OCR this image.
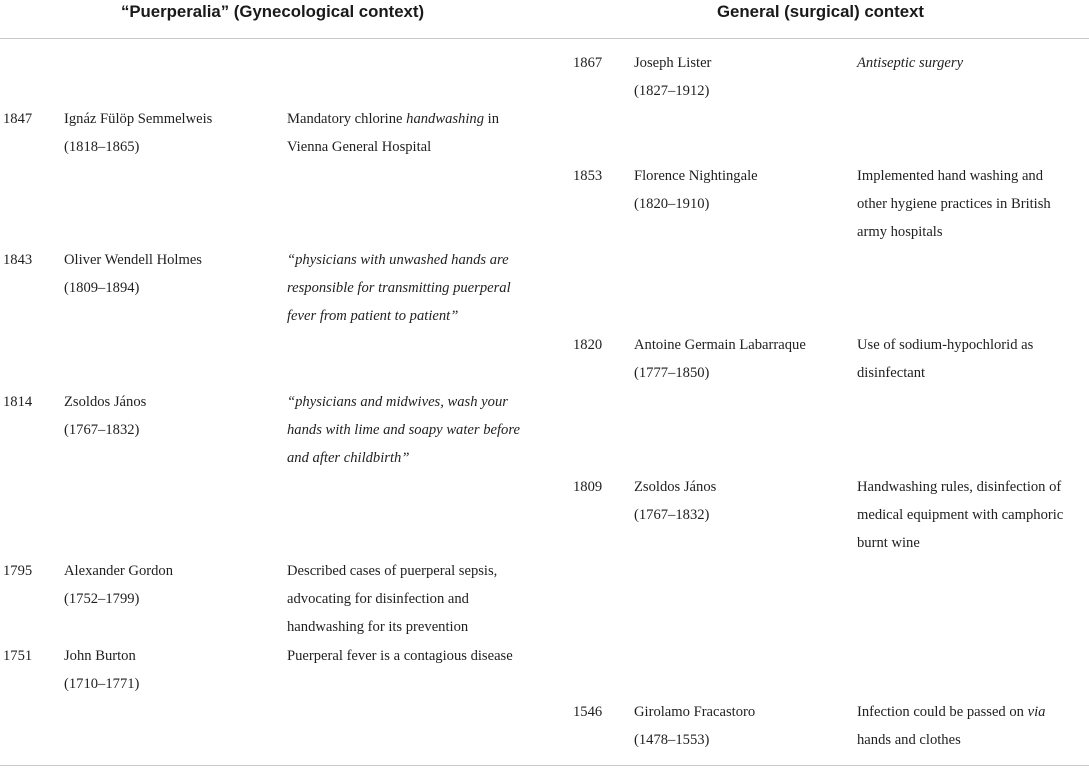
“Puerperalia” (Gynecological context)	General (surgical) context
1847	Ignáz Fülöp Semmelweis
(1818–1865)
Mandatory chlorine handwashing in
Vienna General Hospital
1843	Oliver Wendell Holmes
(1809–1894)
“physicians with unwashed hands are
responsible for transmitting puerperal
fever from patient to patient”
1814	Zsoldos János
(1767–1832)
“physicians and midwives, wash your
hands with lime and soapy water before
and after childbirth”
1795	Alexander Gordon
(1752–1799)
Described cases of puerperal sepsis,
advocating for disinfection and
handwashing for its prevention
1751	John Burton
(1710–1771)
Puerperal fever is a contagious disease
1867	Joseph Lister
(1827–1912)
Antiseptic surgery
1853	Florence Nightingale
(1820–1910)
Implemented hand washing and
other hygiene practices in British
army hospitals
1820	Antoine Germain Labarraque
(1777–1850)
Use of sodium-hypochlorid as
disinfectant
1809	Zsoldos János
(1767–1832)
Handwashing rules, disinfection of
medical equipment with camphoric
burnt wine
1546	Girolamo Fracastoro
(1478–1553)
Infection could be passed on via
hands and clothes
